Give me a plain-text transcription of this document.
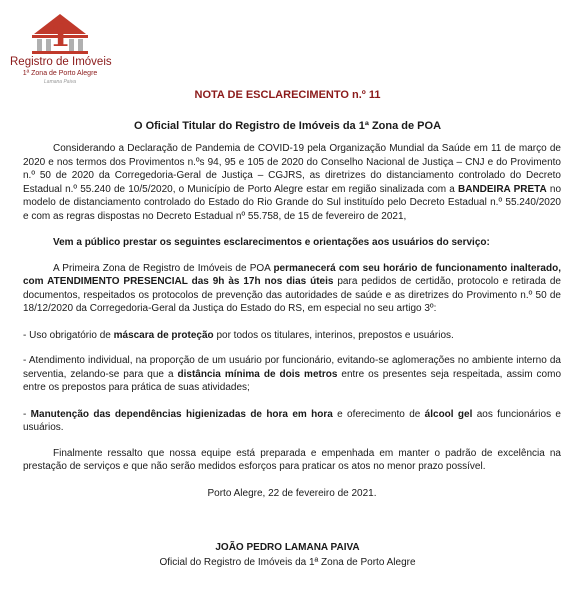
1
Registro de Imóveis
1ª Zona de Porto Alegre
Lamana Paiva
NOTA DE ESCLARECIMENTO n.º 11
O Oficial Titular do Registro de Imóveis da 1ª Zona de POA

Considerando a Declaração de Pandemia de COVID-19 pela Organização Mundial da Saúde em 11 de março de 2020 e nos termos dos Provimentos n.ºs 94, 95 e 105 de 2020 do Conselho Nacional de Justiça – CNJ e do Provimento n.º 50 de 2020 da Corregedoria-Geral de Justiça – CGJRS, as diretrizes do distanciamento controlado do Decreto Estadual n.º 55.240 de 10/5/2020, o Município de Porto Alegre estar em região sinalizada com a BANDEIRA PRETA no modelo de distanciamento controlado do Estado do Rio Grande do Sul instituído pelo Decreto Estadual n.º 55.240/2020 e com as regras dispostas no Decreto Estadual nº 55.758, de 15 de fevereiro de 2021,

Vem a público prestar os seguintes esclarecimentos e orientações aos usuários do serviço:

A Primeira Zona de Registro de Imóveis de POA permanecerá com seu horário de funcionamento inalterado, com ATENDIMENTO PRESENCIAL das 9h às 17h nos dias úteis para pedidos de certidão, protocolo e retirada de documentos, respeitados os protocolos de prevenção das autoridades de saúde e as diretrizes do Provimento n.º 50 de 18/12/2020 da Corregedoria-Geral da Justiça do Estado do RS, em especial no seu artigo 3º:

- Uso obrigatório de máscara de proteção por todos os titulares, interinos, prepostos e usuários.

- Atendimento individual, na proporção de um usuário por funcionário, evitando-se aglomerações no ambiente interno da serventia, zelando-se para que a distância mínima de dois metros entre os presentes seja respeitada, assim como entre os prepostos para prática de suas atividades;

- Manutenção das dependências higienizadas de hora em hora e oferecimento de álcool gel aos funcionários e usuários.

Finalmente ressalto que nossa equipe está preparada e empenhada em manter o padrão de excelência na prestação de serviços e que não serão medidos esforços para praticar os atos no menor prazo possível.

Porto Alegre, 22 de fevereiro de 2021.

JOÃO PEDRO LAMANA PAIVA
Oficial do Registro de Imóveis da 1ª Zona de Porto Alegre
